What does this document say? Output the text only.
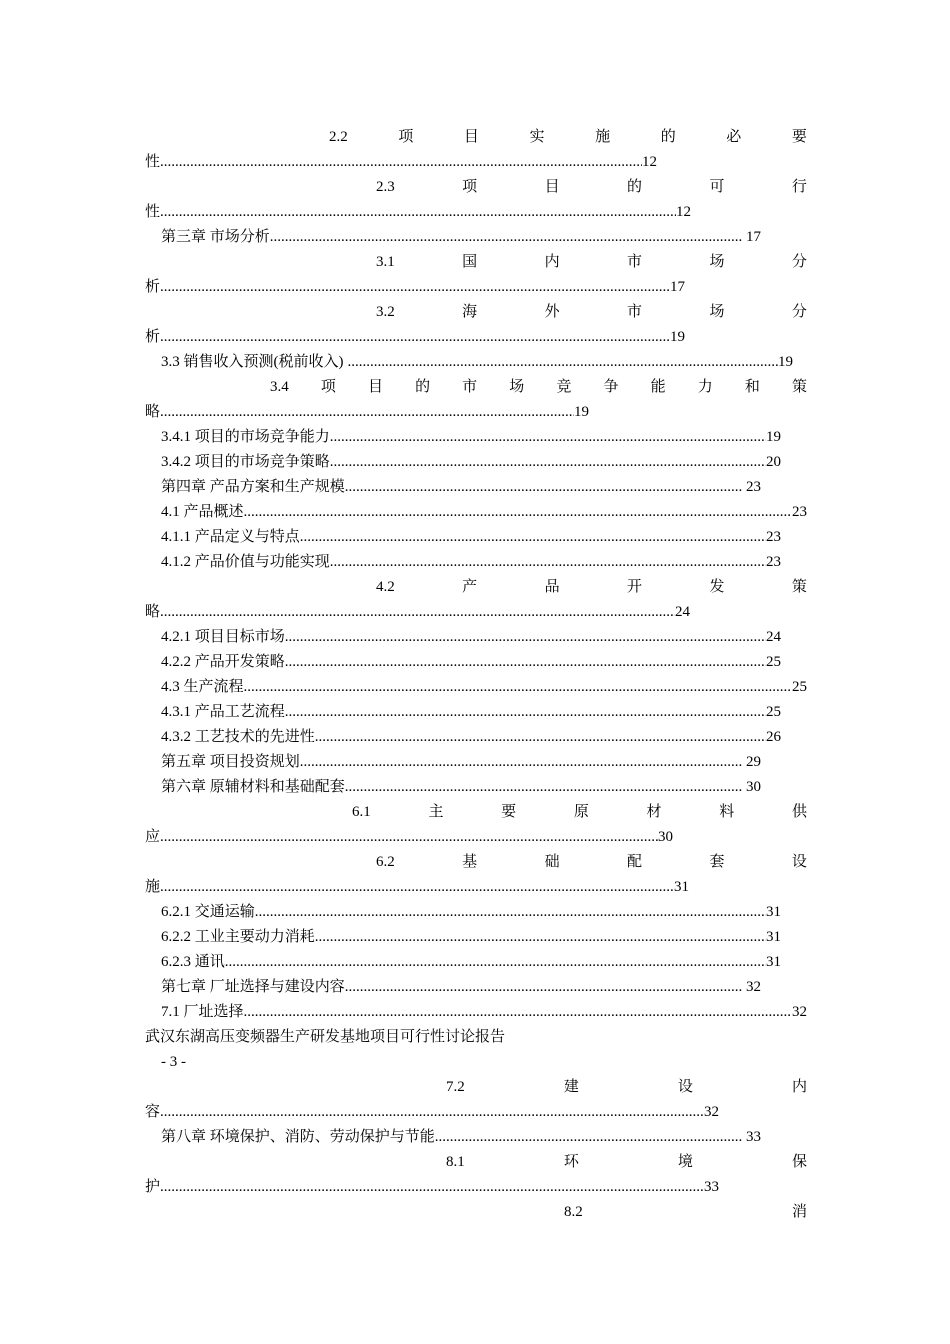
2.2	项	目	实	施	的	必	要
性 .....	12
2.3	项	目	的	可	行
性 .....	12
第三章 市场分析 .....	17
3.1	国	内	市	场	分
析 .....	17
3.2	海	外	市	场	分
析 .....	19
3.3 销售收入预测(税前收入) .....	19
3.4 项 目 的 市 场 竞 争 能 力 和 策
略 .....	19
3.4.1 项目的市场竞争能力 .....	19
3.4.2 项目的市场竞争策略 .....	20
第四章 产品方案和生产规模 .....	23
4.1 产品概述 .....	23
4.1.1 产品定义与特点 .....	23
4.1.2 产品价值与功能实现 .....	23
4.2	产	品	开	发	策
略 .....	24
4.2.1 项目目标市场 .....	24
4.2.2 产品开发策略 .....	25
4.3 生产流程 .....	25
4.3.1 产品工艺流程 .....	25
4.3.2 工艺技术的先进性 .....	26
第五章 项目投资规划 .....	29
第六章 原辅材料和基础配套 .....	30
6.1	主	要	原	材	料	供
应 .....	30
6.2	基	础	配	套	设
施 .....	31
6.2.1 交通运输 .....	31
6.2.2 工业主要动力消耗 .....	31
6.2.3 通讯 .....	31
第七章 厂址选择与建设内容 .....	32
7.1 厂址选择 .....	32
武汉东湖高压变频器生产研发基地项目可行性讨论报告
- 3 -
7.2	建	设	内
容 .....	32
第八章 环境保护、消防、劳动保护与节能 .....	33
8.1	环	境	保
护 .....	33
8.2	消
